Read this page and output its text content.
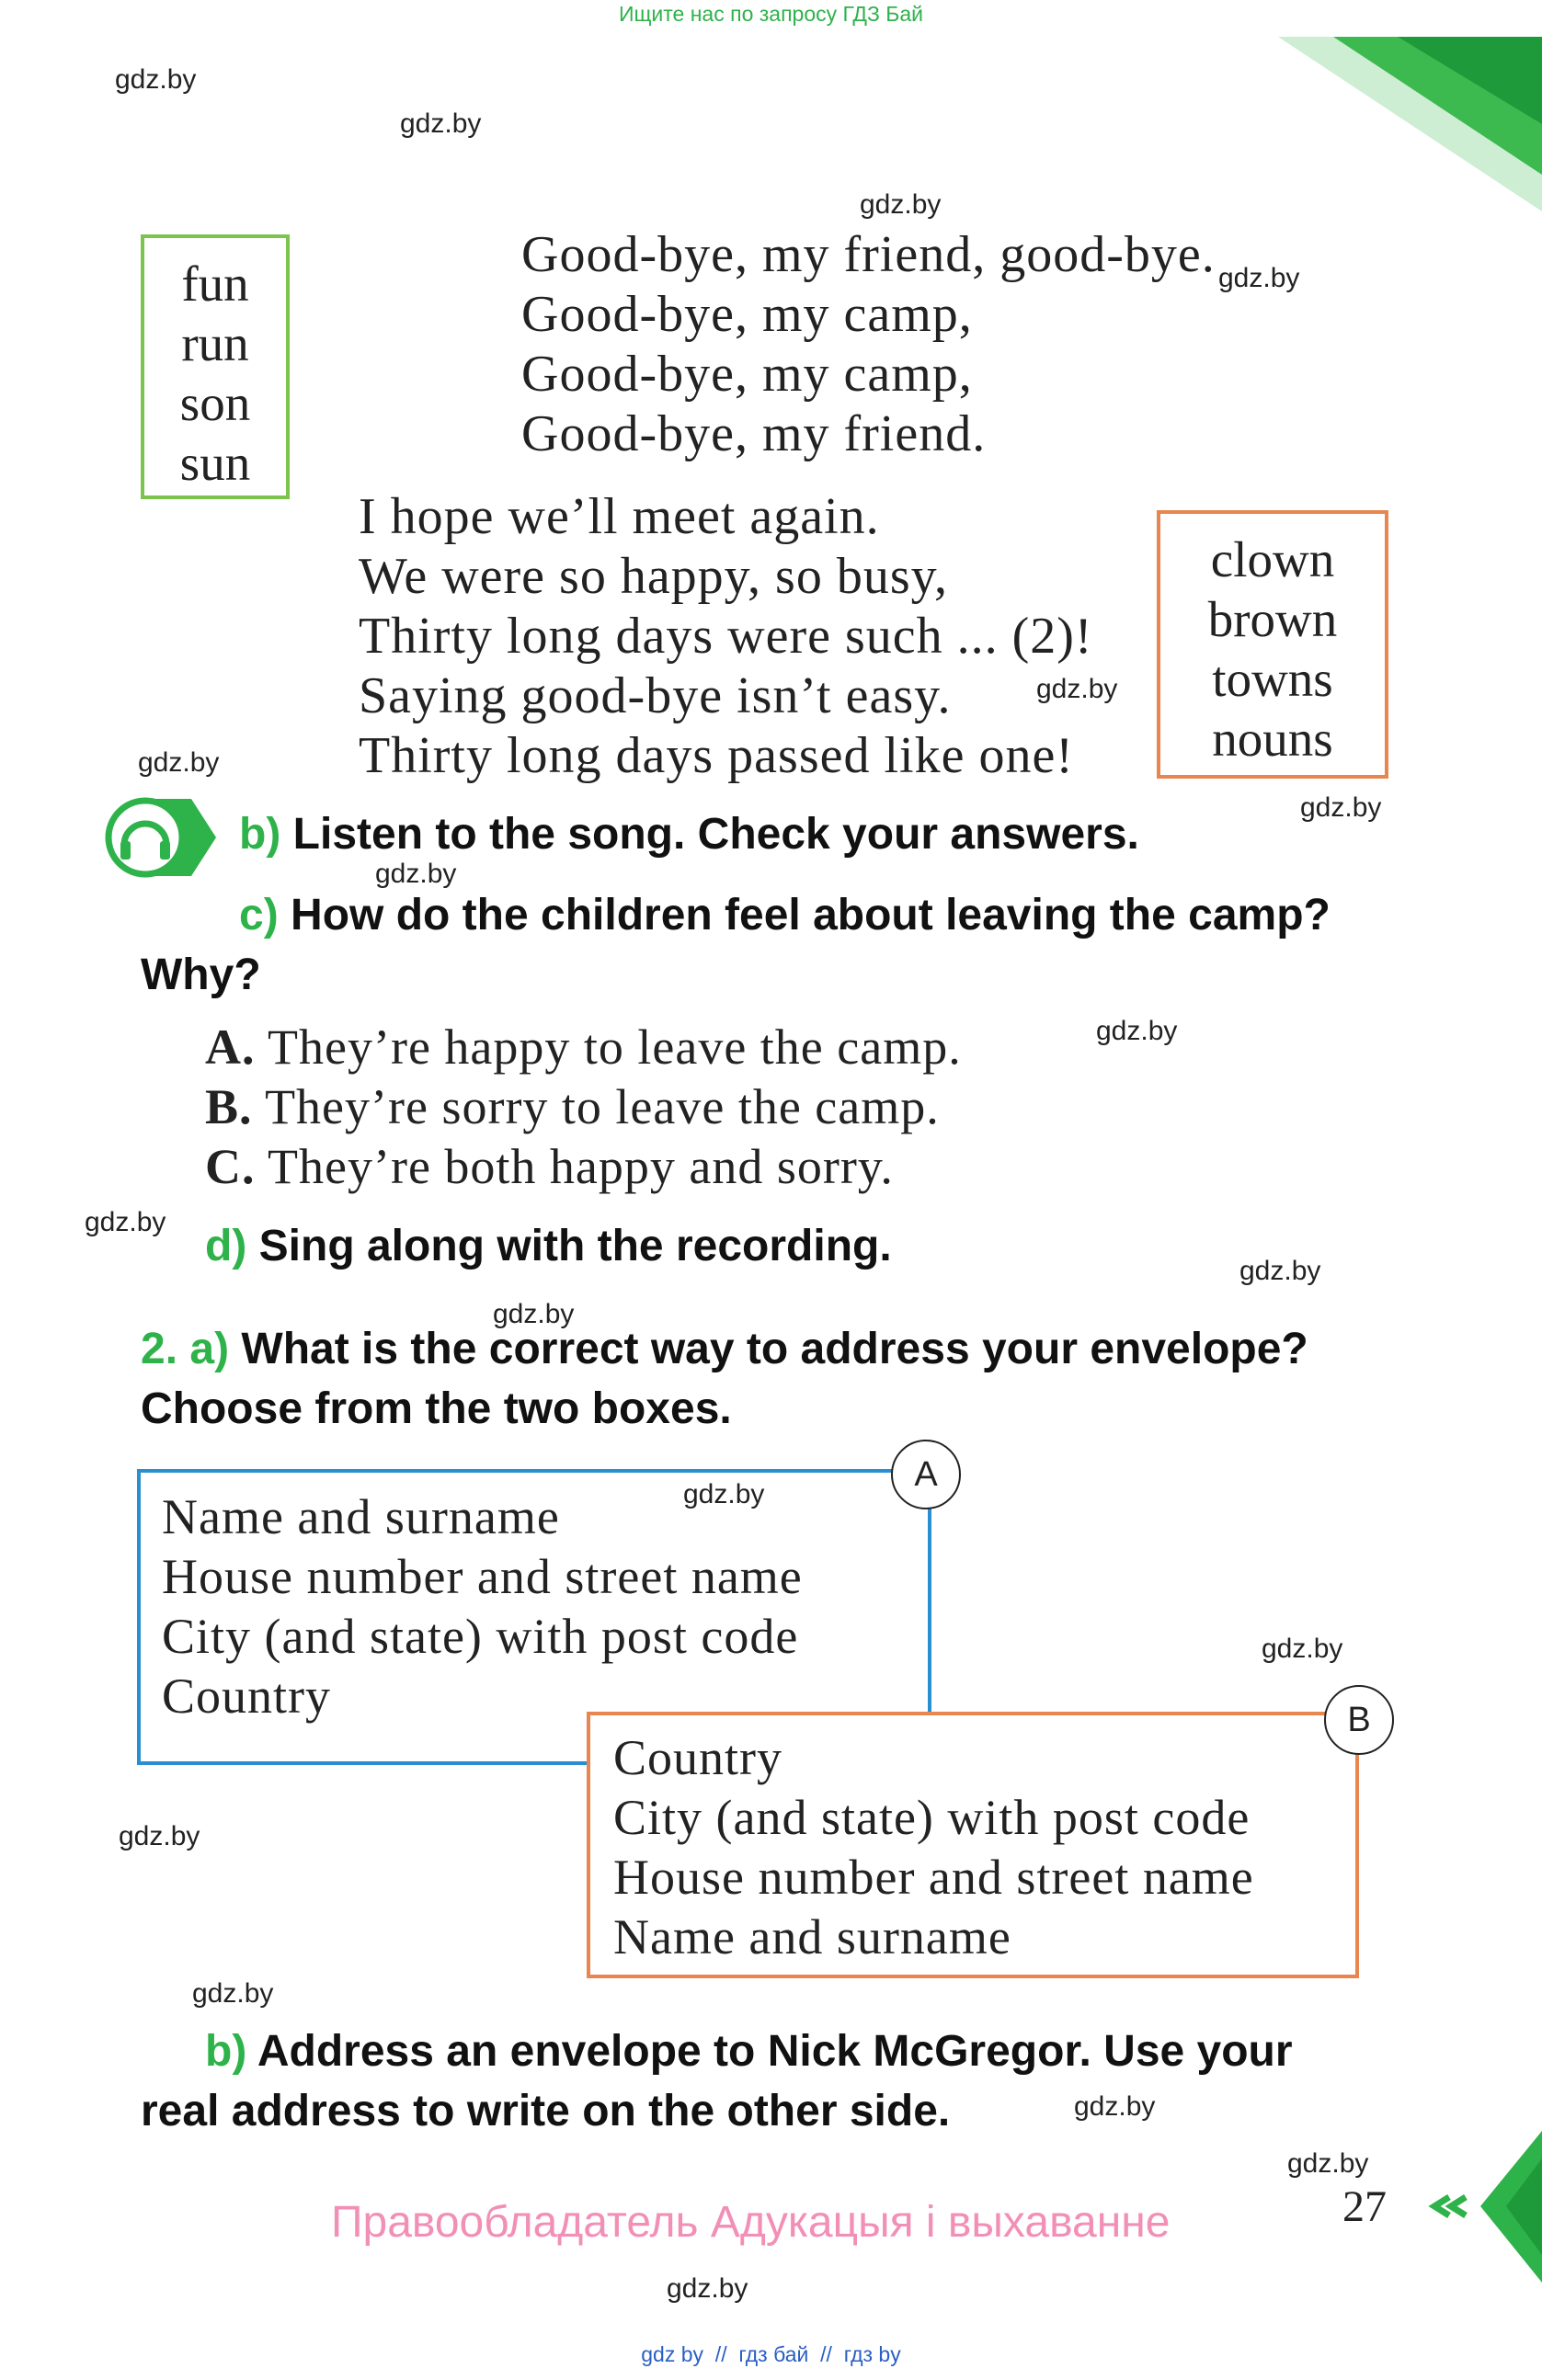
Ищите нас по запросу ГДЗ Бай
gdz.by
gdz.by
gdz.by
gdz.by
gdz.by
gdz.by
gdz.by
gdz.by
gdz.by
gdz.by
gdz.by
gdz.by
gdz.by
gdz.by
gdz.by
gdz.by
gdz.by
gdz.by
gdz.by
fun
run
son
sun
clown
brown
towns
nouns
Good-bye, my friend, good-bye.
Good-bye, my camp,
Good-bye, my camp,
Good-bye, my friend.
I hope we’ll meet again.
We were so happy, so busy,
Thirty long days were such ... (2)!
Saying good-bye isn’t easy.
Thirty long days passed like one!
b) Listen to the song. Check your answers.
c) How do the children feel about leaving the camp?
Why?
A. They’re happy to leave the camp.
B. They’re sorry to leave the camp.
C. They’re both happy and sorry.
d) Sing along with the recording.
2. a) What is the correct way to address your envelope?
Choose from the two boxes.
Name and surname
House number and street name
City (and state) with post code
Country
A
Country
City (and state) with post code
House number and street name
Name and surname
B
b) Address an envelope to Nick McGregor. Use your
real address to write on the other side.
27
Правообладатель Адукацыя і выхаванне
gdz by  //  гдз бай  //  гдз by
